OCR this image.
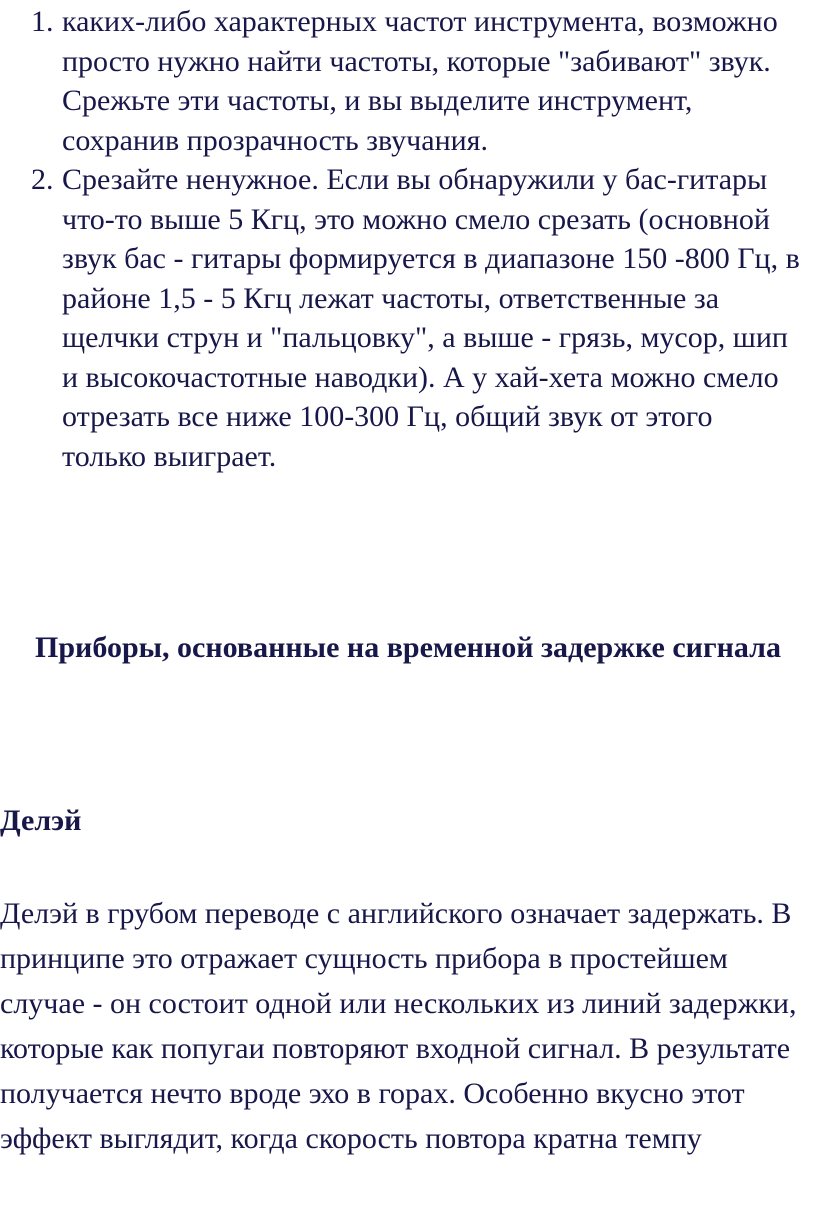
1. каких-либо характерных частот инструмента, возможно просто нужно найти частоты, которые "забивают" звук. Срежьте эти частоты, и вы выделите инструмент, сохранив прозрачность звучания.
2. Срезайте ненужное. Если вы обнаружили у бас-гитары что-то выше 5 Кгц, это можно смело срезать (основной звук бас - гитары формируется в диапазоне 150 -800 Гц, в районе 1,5 - 5 Кгц лежат частоты, ответственные за щелчки струн и "пальцовку", а выше - грязь, мусор, шип и высокочастотные наводки). А у хай-хета можно смело отрезать все ниже 100-300 Гц, общий звук от этого только выиграет.
Приборы, основанные на временной задержке сигнала
Делэй

Делэй в грубом переводе с английского означает задержать. В принципе это отражает сущность прибора в простейшем случае - он состоит одной или нескольких из линий задержки, которые как попугаи повторяют входной сигнал. В результате получается нечто вроде эхо в горах. Особенно вкусно этот эффект выглядит, когда скорость повтора кратна темпу
